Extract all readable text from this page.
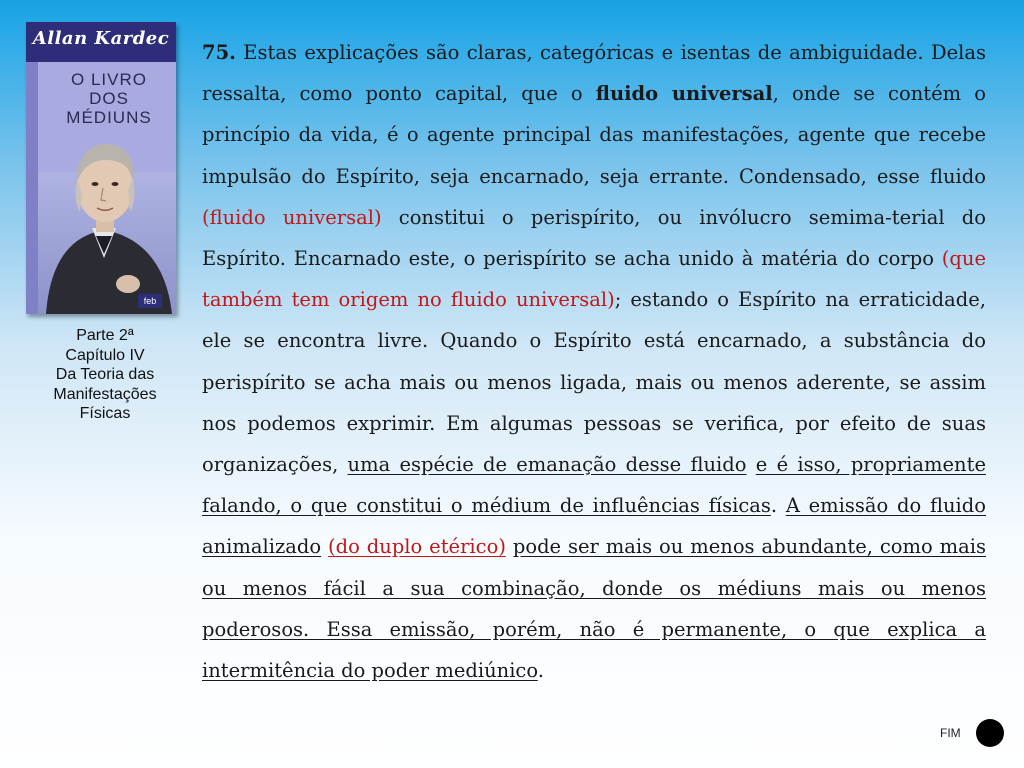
Allan Kardec
O LIVRO
DOS
MÉDIUNS
feb
Parte 2ª
Capítulo IV
Da Teoria das
Manifestações
Físicas

75. Estas explicações são claras, categóricas e isentas de ambiguidade. Delas ressalta, como ponto capital, que o fluido universal, onde se contém o princípio da vida, é o agente principal das manifestações, agente que recebe impulsão do Espírito, seja encarnado, seja errante. Condensado, esse fluido (fluido universal) constitui o perispírito, ou invólucro semima-terial do Espírito. Encarnado este, o perispírito se acha unido à matéria do corpo (que também tem origem no fluido universal); estando o Espírito na erraticidade, ele se encontra livre. Quando o Espírito está encarnado, a substância do perispírito se acha mais ou menos ligada, mais ou menos aderente, se assim nos podemos exprimir. Em algumas pessoas se verifica, por efeito de suas organizações, uma espécie de emanação desse fluido e é isso, propriamente falando, o que constitui o médium de influências físicas. A emissão do fluido animalizado (do duplo etérico) pode ser mais ou menos abundante, como mais ou menos fácil a sua combinação, donde os médiuns mais ou menos poderosos. Essa emissão, porém, não é permanente, o que explica a intermitência do poder mediúnico.

FIM
